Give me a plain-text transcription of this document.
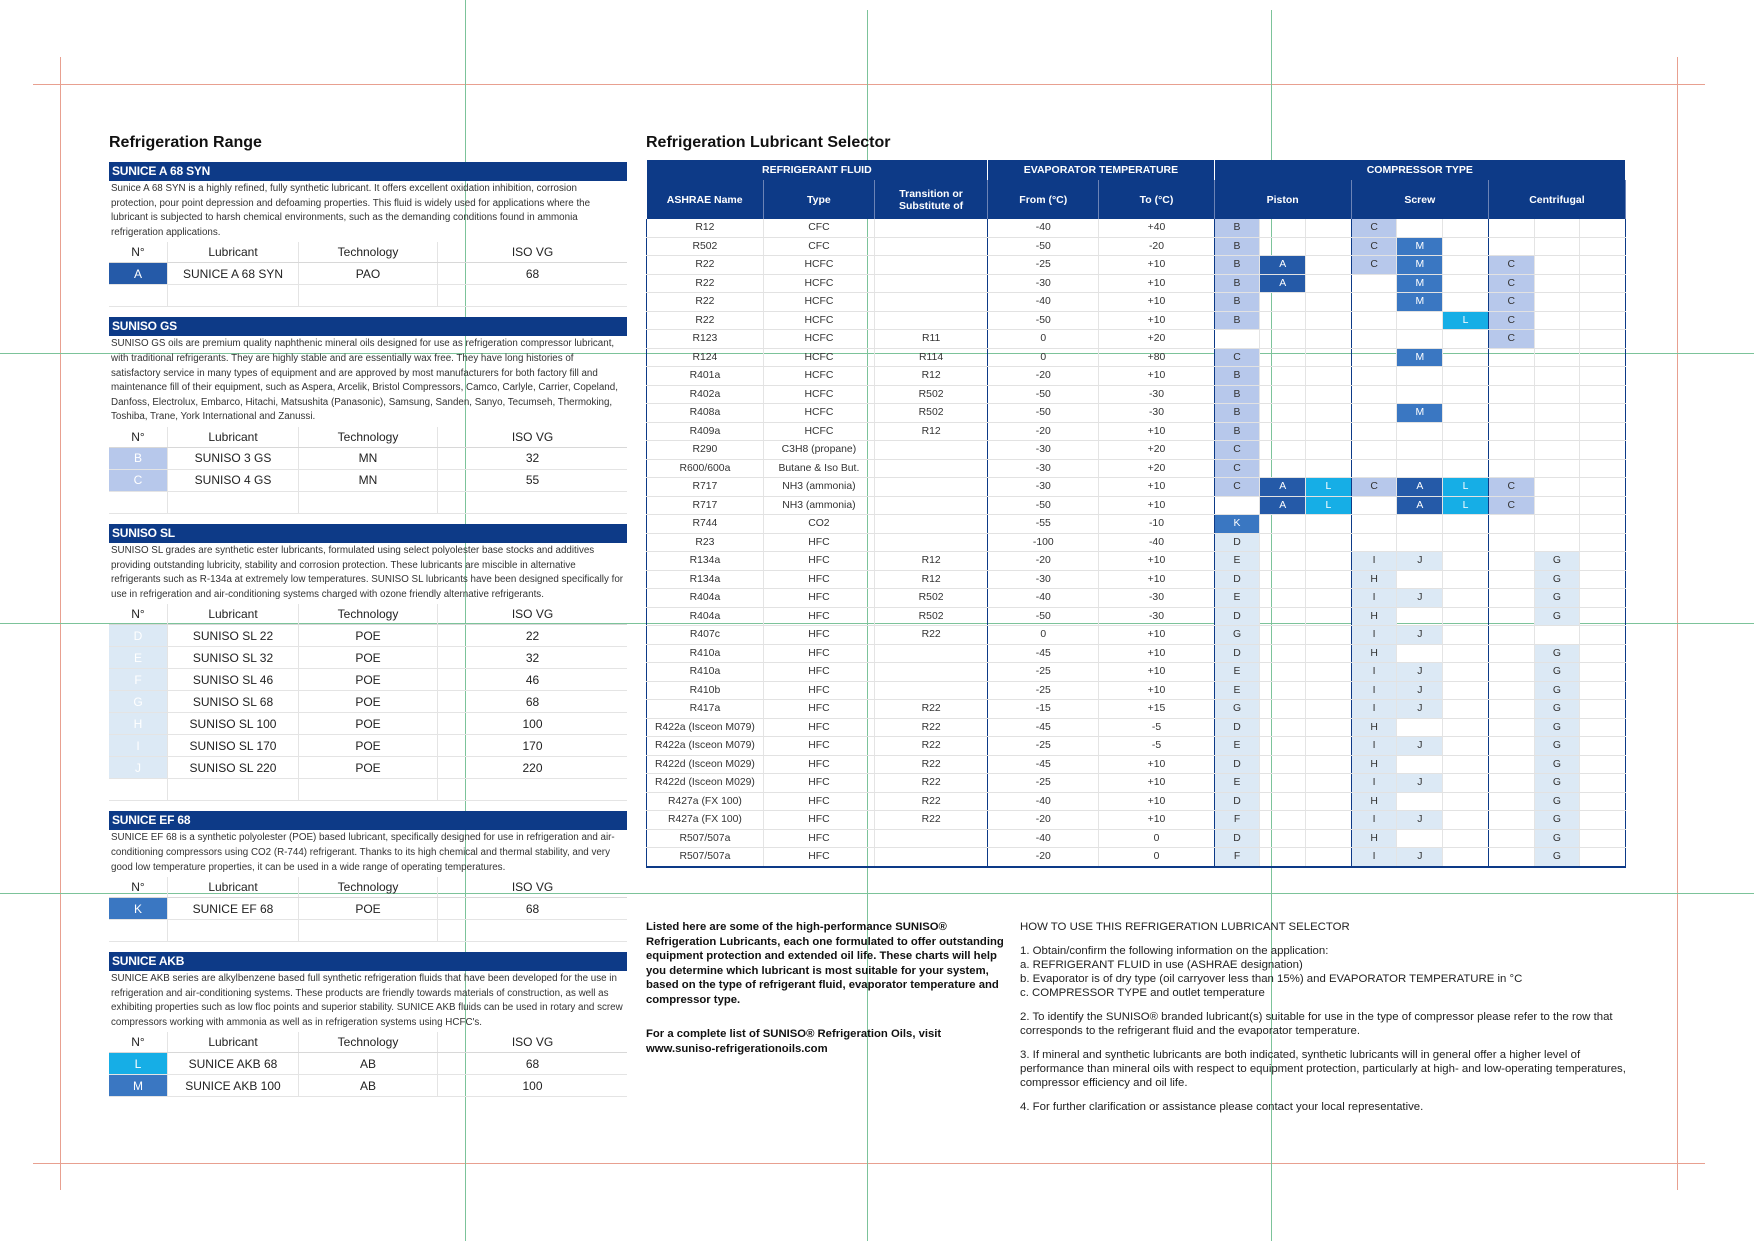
Refrigeration Range	Refrigeration Lubricant Selector
SUNICE A 68 SYN
Sunice A 68 SYN is a highly refined, fully synthetic lubricant. It offers excellent oxidation inhibition, corrosion protection, pour point depression and defoaming properties. This fluid is widely used for applications where the lubricant is subjected to harsh chemical environments, such as the demanding conditions found in ammonia refrigeration applications.
N°	Lubricant	Technology	ISO VG
A	SUNICE A 68 SYN	PAO	68

SUNISO GS
SUNISO GS oils are premium quality naphthenic mineral oils designed for use as refrigeration compressor lubricant, with traditional refrigerants. They are highly stable and are essentially wax free. They have long histories of satisfactory service in many types of equipment and are approved by most manufacturers for both factory fill and maintenance fill of their equipment, such as Aspera, Arcelik, Bristol Compressors, Camco, Carlyle, Carrier, Copeland, Danfoss, Electrolux, Embarco, Hitachi, Matsushita (Panasonic), Samsung, Sanden, Sanyo, Tecumseh, Thermoking, Toshiba, Trane, York International and Zanussi.
N°	Lubricant	Technology	ISO VG
B	SUNISO 3 GS	MN	32
C	SUNISO 4 GS	MN	55

SUNISO SL
SUNISO SL grades are synthetic ester lubricants, formulated using select polyolester base stocks and additives providing outstanding lubricity, stability and corrosion protection. These lubricants are miscible in alternative refrigerants such as R-134a at extremely low temperatures. SUNISO SL lubricants have been designed specifically for use in refrigeration and air-conditioning systems charged with ozone friendly alternative refrigerants.
N°	Lubricant	Technology	ISO VG
D	SUNISO SL 22	POE	22
E	SUNISO SL 32	POE	32
F	SUNISO SL 46	POE	46
G	SUNISO SL 68	POE	68
H	SUNISO SL 100	POE	100
I	SUNISO SL 170	POE	170
J	SUNISO SL 220	POE	220

SUNICE EF 68
SUNICE EF 68 is a synthetic polyolester (POE) based lubricant, specifically designed for use in refrigeration and air-conditioning compressors using CO2 (R-744) refrigerant. Thanks to its high chemical and thermal stability, and very good low temperature properties, it can be used in a wide range of operating temperatures.
N°	Lubricant	Technology	ISO VG
K	SUNICE EF 68	POE	68

SUNICE AKB
SUNICE AKB series are alkylbenzene based full synthetic refrigeration fluids that have been developed for the use in refrigeration and air-conditioning systems. These products are friendly towards materials of construction, as well as exhibiting properties such as low floc points and superior stability. SUNICE AKB fluids can be used in rotary and screw compressors working with ammonia as well as in refrigeration systems using HCFC's.
N°	Lubricant	Technology	ISO VG
L	SUNICE AKB 68	AB	68
M	SUNICE AKB 100	AB	100
REFRIGERANT FLUID			EVAPORATOR TEMPERATURE		COMPRESSOR TYPE								
ASHRAE Name	Type	Transition or Substitute of	From (°C)	To (°C)	Piston			Screw			Centrifugal		
R12	CFC		-40	+40	B			C					
R502	CFC		-50	-20	B			C	M				
R22	HCFC		-25	+10	B	A		C	M		C		
R22	HCFC		-30	+10	B	A			M		C		
R22	HCFC		-40	+10	B				M		C		
R22	HCFC		-50	+10	B					L	C		
R123	HCFC	R11	0	+20							C		
R124	HCFC	R114	0	+80	C				M				
R401a	HCFC	R12	-20	+10	B								
R402a	HCFC	R502	-50	-30	B								
R408a	HCFC	R502	-50	-30	B				M				
R409a	HCFC	R12	-20	+10	B								
R290	C3H8 (propane)		-30	+20	C								
R600/600a	Butane & Iso But.		-30	+20	C								
R717	NH3 (ammonia)		-30	+10	C	A	L	C	A	L	C		
R717	NH3 (ammonia)		-50	+10		A	L		A	L	C		
R744	CO2		-55	-10	K								
R23	HFC		-100	-40	D								
R134a	HFC	R12	-20	+10	E			I	J			G	
R134a	HFC	R12	-30	+10	D			H				G	
R404a	HFC	R502	-40	-30	E			I	J			G	
R404a	HFC	R502	-50	-30	D			H				G	
R407c	HFC	R22	0	+10	G			I	J				
R410a	HFC		-45	+10	D			H				G	
R410a	HFC		-25	+10	E			I	J			G	
R410b	HFC		-25	+10	E			I	J			G	
R417a	HFC	R22	-15	+15	G			I	J			G	
R422a (Isceon M079)	HFC	R22	-45	-5	D			H				G	
R422a (Isceon M079)	HFC	R22	-25	-5	E			I	J			G	
R422d (Isceon M029)	HFC	R22	-45	+10	D			H				G	
R422d (Isceon M029)	HFC	R22	-25	+10	E			I	J			G	
R427a (FX 100)	HFC	R22	-40	+10	D			H				G	
R427a (FX 100)	HFC	R22	-20	+10	F			I	J			G	
R507/507a	HFC		-40	0	D			H				G	
R507/507a	HFC		-20	0	F			I	J			G	

Listed here are some of the high-performance SUNISO® Refrigeration Lubricants, each one formulated to offer outstanding equipment protection and extended oil life. These charts will help you determine which lubricant is most suitable for your system, based on the type of refrigerant fluid, evaporator temperature and compressor type.

For a complete list of SUNISO® Refrigeration Oils, visit www.suniso-refrigerationoils.com

HOW TO USE THIS REFRIGERATION LUBRICANT SELECTOR

1. Obtain/confirm the following information on the application:
a. REFRIGERANT FLUID in use (ASHRAE designation)
b. Evaporator is of dry type (oil carryover less than 15%) and EVAPORATOR TEMPERATURE in °C
c. COMPRESSOR TYPE and outlet temperature

2. To identify the SUNISO® branded lubricant(s) suitable for use in the type of compressor please refer to the row that corresponds to the refrigerant fluid and the evaporator temperature.

3. If mineral and synthetic lubricants are both indicated, synthetic lubricants will in general offer a higher level of performance than mineral oils with respect to equipment protection, particularly at high- and low-operating temperatures, compressor efficiency and oil life.

4. For further clarification or assistance please contact your local representative.
